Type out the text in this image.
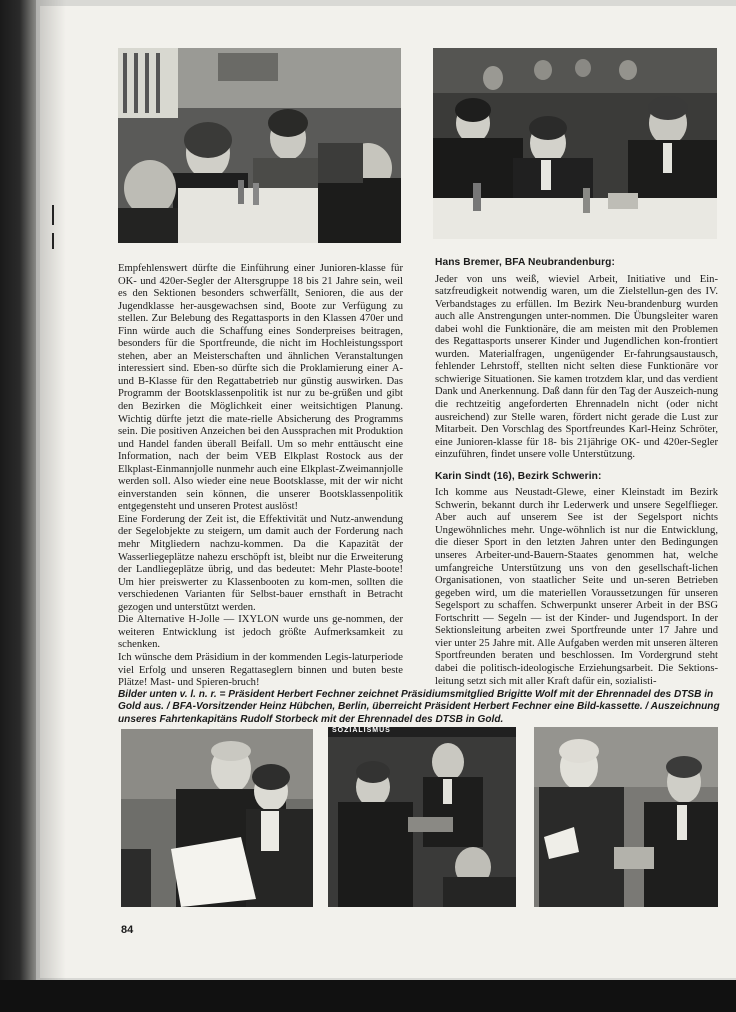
Empfehlenswert dürfte die Einführung einer Junioren-klasse für OK- und 420er-Segler der Altersgruppe 18 bis 21 Jahre sein, weil es den Sektionen besonders schwerfällt, Senioren, die aus der Jugendklasse her-ausgewachsen sind, Boote zur Verfügung zu stellen. Zur Belebung des Regattasports in den Klassen 470er und Finn würde auch die Schaffung eines Sonderpreises beitragen, besonders für die Sportfreunde, die nicht im Hochleistungssport stehen, aber an Meisterschaften und ähnlichen Veranstaltungen interessiert sind. Eben-so dürfte sich die Proklamierung einer A- und B-Klasse für den Regattabetrieb nur günstig auswirken. Das Programm der Bootsklassenpolitik ist nur zu be-grüßen und gibt den Bezirken die Möglichkeit einer weitsichtigen Planung. Wichtig dürfte jetzt die mate-rielle Absicherung des Programms sein. Die positiven Anzeichen bei den Aussprachen mit Produktion und Handel fanden überall Beifall. Um so mehr enttäuscht eine Information, nach der beim VEB Elkplast Rostock aus der Elkplast-Einmannjolle nunmehr auch eine Elkplast-Zweimannjolle werden soll. Also wieder eine neue Bootsklasse, mit der wir nicht einverstanden sein können, die unserer Bootsklassenpolitik entgegensteht und unseren Protest auslöst!

Eine Forderung der Zeit ist, die Effektivität und Nutz-anwendung der Segelobjekte zu steigern, um damit auch der Forderung nach mehr Mitgliedern nachzu-kommen. Da die Kapazität der Wasserliegeplätze nahezu erschöpft ist, bleibt nur die Erweiterung der Landliegeplätze übrig, und das bedeutet: Mehr Plaste-boote! Um hier preiswerter zu Klassenbooten zu kom-men, sollten die verschiedenen Varianten für Selbst-bauer ernsthaft in Betracht gezogen und unterstützt werden.

Die Alternative H-Jolle — IXYLON wurde uns ge-nommen, der weiteren Entwicklung ist jedoch größte Aufmerksamkeit zu schenken.

Ich wünsche dem Präsidium in der kommenden Legis-laturperiode viel Erfolg und unseren Regattaseglern binnen und buten beste Plätze! Mast- und Spieren-bruch!

Hans Bremer, BFA Neubrandenburg:

Jeder von uns weiß, wieviel Arbeit, Initiative und Ein-satzfreudigkeit notwendig waren, um die Zielstellun-gen des IV. Verbandstages zu erfüllen. Im Bezirk Neu-brandenburg wurden auch alle Anstrengungen unter-nommen. Die Übungsleiter waren dabei wohl die Funktionäre, die am meisten mit den Problemen des Regattasports unserer Kinder und Jugendlichen kon-frontiert wurden. Materialfragen, ungenügender Er-fahrungsaustausch, fehlender Lehrstoff, stellten nicht selten diese Funktionäre vor schwierige Situationen. Sie kamen trotzdem klar, und das verdient Dank und Anerkennung. Daß dann für den Tag der Auszeich-nung die rechtzeitig angeforderten Ehrennadeln nicht (oder nicht ausreichend) zur Stelle waren, fördert nicht gerade die Lust zur Mitarbeit. Den Vorschlag des Sportfreundes Karl-Heinz Schröter, eine Junioren-klasse für 18- bis 21jährige OK- und 420er-Segler einzuführen, findet unsere volle Unterstützung.

Karin Sindt (16), Bezirk Schwerin:

Ich komme aus Neustadt-Glewe, einer Kleinstadt im Bezirk Schwerin, bekannt durch ihr Lederwerk und unsere Segelflieger. Aber auch auf unserem See ist der Segelsport nichts Ungewöhnliches mehr. Unge-wöhnlich ist nur die Entwicklung, die dieser Sport in den letzten Jahren unter den Bedingungen unseres Arbeiter-und-Bauern-Staates genommen hat, welche umfangreiche Unterstützung uns von den gesellschaft-lichen Organisationen, von staatlicher Seite und un-seren Betrieben gegeben wird, um die materiellen Voraussetzungen für unseren Segelsport zu schaffen. Schwerpunkt unserer Arbeit in der BSG Fortschritt — Segeln — ist der Kinder- und Jugendsport. In der Sektionsleitung arbeiten zwei Sportfreunde unter 17 Jahre und vier unter 25 Jahre mit. Alle Aufgaben werden mit unseren älteren Sportfreunden beraten und beschlossen. Im Vordergrund steht dabei die politisch-ideologische Erziehungsarbeit. Die Sektions-leitung setzt sich mit aller Kraft dafür ein, sozialisti-

Bilder unten v. l. n. r. = Präsident Herbert Fechner zeichnet Präsidiumsmitglied Brigitte Wolf mit der Ehrennadel des DTSB in Gold aus. / BFA-Vorsitzender Heinz Hübchen, Berlin, überreicht Präsident Herbert Fechner eine Bild-kassette. / Auszeichnung unseres Fahrtenkapitäns Rudolf Storbeck mit der Ehrennadel des DTSB in Gold.
SOZIALISMUS
84
